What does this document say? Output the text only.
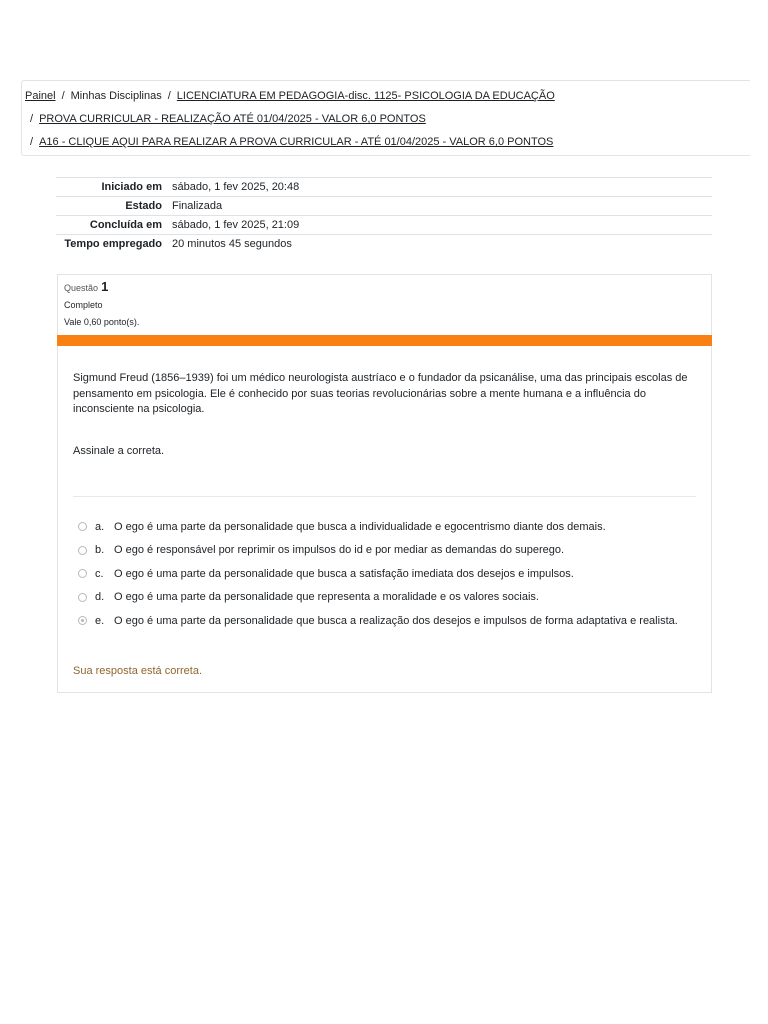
Painel / Minhas Disciplinas / LICENCIATURA EM PEDAGOGIA-disc. 1125- PSICOLOGIA DA EDUCAÇÃO
/ PROVA CURRICULAR - REALIZAÇÃO ATÉ 01/04/2025 - VALOR 6,0 PONTOS
/ A16 - CLIQUE AQUI PARA REALIZAR A PROVA CURRICULAR - ATÉ 01/04/2025 - VALOR 6,0 PONTOS
Iniciado em	sábado, 1 fev 2025, 20:48
Estado	Finalizada
Concluída em	sábado, 1 fev 2025, 21:09
Tempo empregado	20 minutos 45 segundos
Questão 1
Completo
Vale 0,60 ponto(s).
Sigmund Freud (1856–1939) foi um médico neurologista austríaco e o fundador da psicanálise, uma das principais escolas de pensamento em psicologia. Ele é conhecido por suas teorias revolucionárias sobre a mente humana e a influência do inconsciente na psicologia.
Assinale a correta.
a. O ego é uma parte da personalidade que busca a individualidade e egocentrismo diante dos demais.
b. O ego é responsável por reprimir os impulsos do id e por mediar as demandas do superego.
c. O ego é uma parte da personalidade que busca a satisfação imediata dos desejos e impulsos.
d. O ego é uma parte da personalidade que representa a moralidade e os valores sociais.
e. O ego é uma parte da personalidade que busca a realização dos desejos e impulsos de forma adaptativa e realista.
Sua resposta está correta.
